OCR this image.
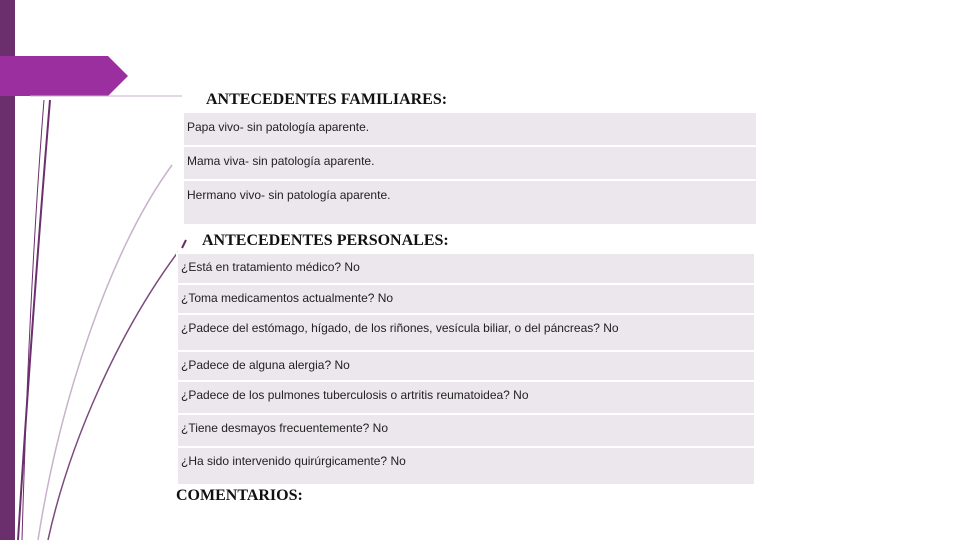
ANTECEDENTES FAMILIARES:
Papa vivo- sin patología aparente.

Mama viva- sin patología aparente.

Hermano vivo- sin patología aparente.
ANTECEDENTES PERSONALES:
¿Está en tratamiento médico? No

¿Toma medicamentos actualmente? No

¿Padece del estómago, hígado, de los riñones, vesícula biliar, o del páncreas? No

¿Padece de alguna alergia? No

¿Padece de los pulmones tuberculosis o artritis reumatoidea? No

¿Tiene desmayos frecuentemente? No

¿Ha sido intervenido quirúrgicamente? No
COMENTARIOS:
